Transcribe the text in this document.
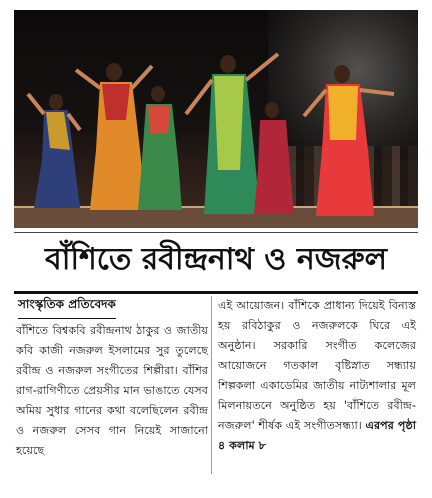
বাঁশিতে রবীন্দ্রনাথ ও নজরুল
সাংস্কৃতিক প্রতিবেদক
বাঁশিতে বিশ্বকবি রবীন্দ্রনাথ ঠাকুর ও জাতীয় কবি কাজী নজরুল ইসলামের সুর তুলেছে রবীন্দ্র ও নজরুল সংগীতের শিল্পীরা। বাঁশির রাগ-রাগিণীতে প্রেয়সীর মান ভাঙাতে যেসব অমিয় সুধার গানের কথা বলেছিলেন রবীন্দ্র ও নজরুল সেসব গান নিয়েই সাজানো হয়েছে
এই আয়োজন। বাঁশিকে প্রাধান্য দিয়েই বিন্যস্ত হয় রবিঠাকুর ও নজরুলকে ঘিরে এই অনুষ্ঠান। সরকারি সংগীত কলেজের আয়োজনে গতকাল বৃষ্টিস্নাত সন্ধ্যায় শিল্পকলা একাডেমির জাতীয় নাট্যশালার মূল মিলনায়তনে অনুষ্ঠিত হয় 'বাঁশিতে রবীন্দ্র-নজরুল' শীর্ষক এই সংগীতসন্ধ্যা। এরপর পৃষ্ঠা ৪ কলাম ৮
